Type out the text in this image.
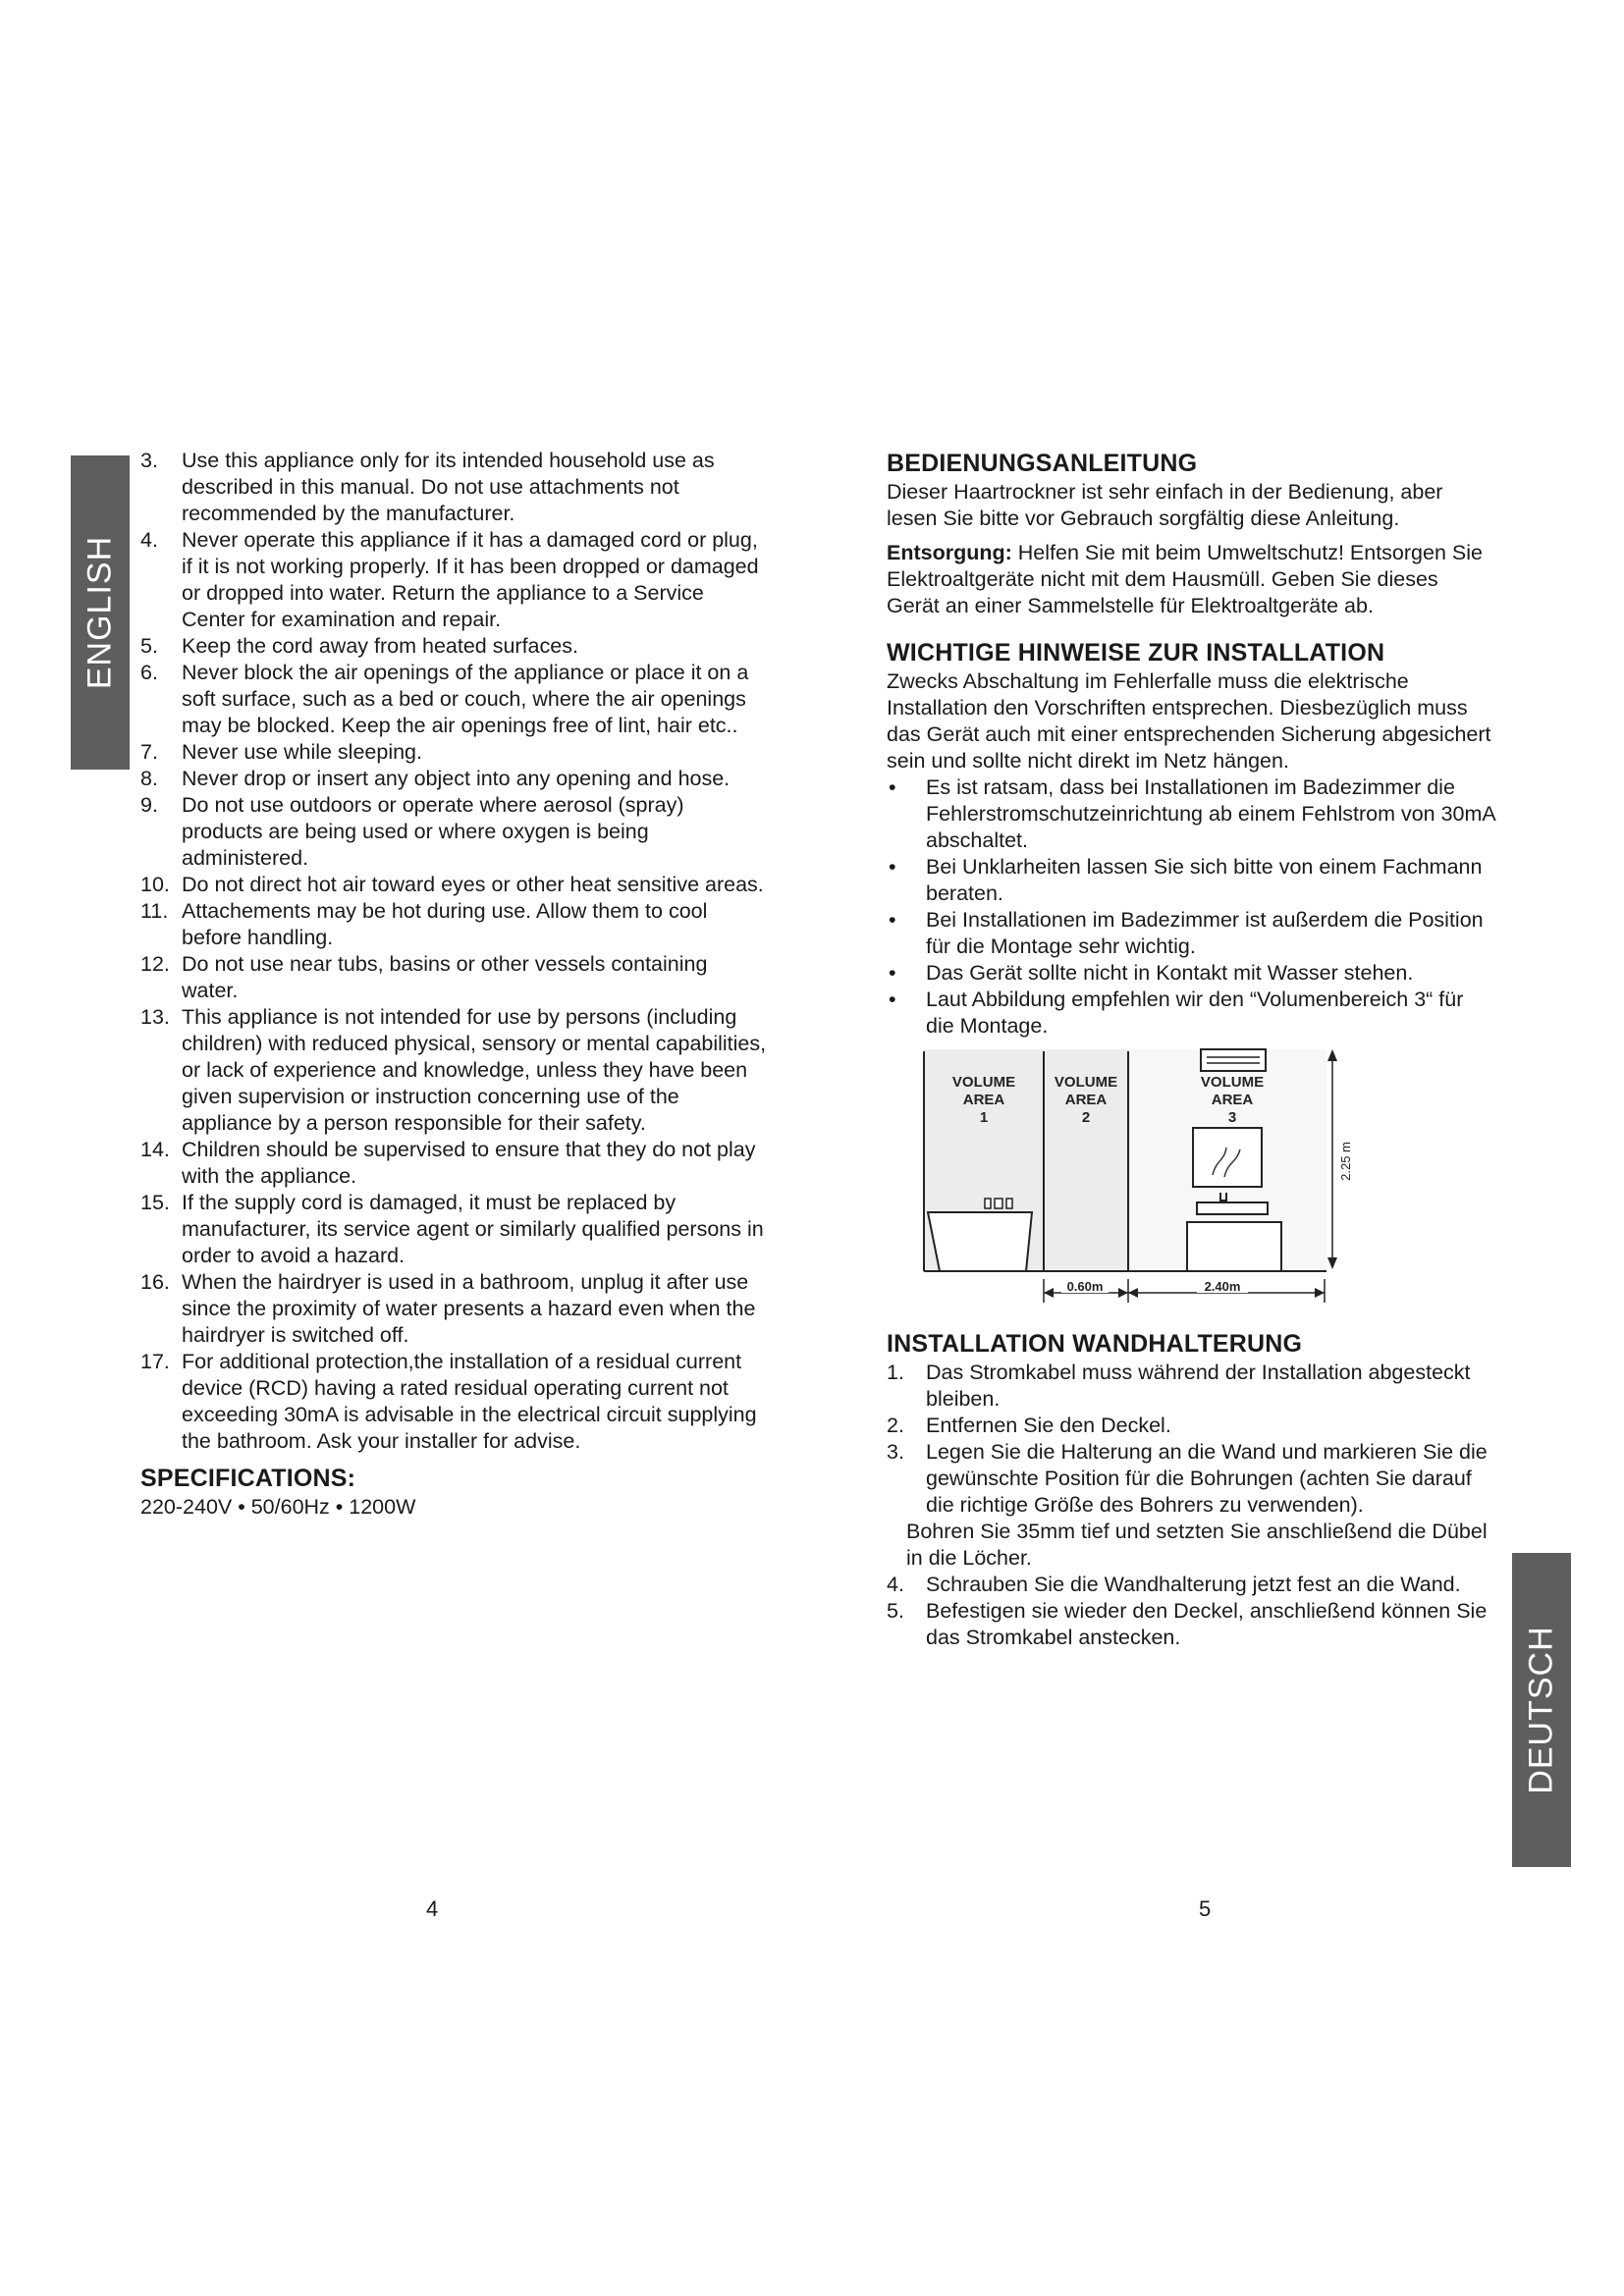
ENGLISH
3. Use this appliance only for its intended household use as described in this manual. Do not use attachments not recommended by the manufacturer.
4. Never operate this appliance if it has a damaged cord or plug, if it is not working properly. If it has been dropped or damaged or dropped into water. Return the appliance to a Service Center for examination and repair.
5. Keep the cord away from heated surfaces.
6. Never block the air openings of the appliance or place it on a soft surface, such as a bed or couch, where the air openings may be blocked. Keep the air openings free of lint, hair etc..
7. Never use while sleeping.
8. Never drop or insert any object into any opening and hose.
9. Do not use outdoors or operate where aerosol (spray) products are being used or where oxygen is being administered.
10. Do not direct hot air toward eyes or other heat sensitive areas.
11. Attachements may be hot during use. Allow them to cool before handling.
12. Do not use near tubs, basins or other vessels containing water.
13. This appliance is not intended for use by persons (including children) with reduced physical, sensory or mental capabilities, or lack of experience and knowledge, unless they have been given supervision or instruction concerning use of the appliance by a person responsible for their safety.
14. Children should be supervised to ensure that they do not play with the appliance.
15. If the supply cord is damaged, it must be replaced by manufacturer, its service agent or similarly qualified persons in order to avoid a hazard.
16. When the hairdryer is used in a bathroom, unplug it after use since the proximity of water presents a hazard even when the hairdryer is switched off.
17. For additional protection,the installation of a residual current device (RCD) having a rated residual operating current not exceeding 30mA is advisable in the electrical circuit supplying the bathroom. Ask your installer for advise.
SPECIFICATIONS:

220-240V • 50/60Hz • 1200W

BEDIENUNGSANLEITUNG

Dieser Haartrockner ist sehr einfach in der Bedienung, aber lesen Sie bitte vor Gebrauch sorgfältig diese Anleitung.

Entsorgung: Helfen Sie mit beim Umweltschutz! Entsorgen Sie Elektroaltgeräte nicht mit dem Hausmüll. Geben Sie dieses Gerät an einer Sammelstelle für Elektroaltgeräte ab.

WICHTIGE HINWEISE ZUR INSTALLATION

Zwecks Abschaltung im Fehlerfalle muss die elektrische Installation den Vorschriften entsprechen. Diesbezüglich muss das Gerät auch mit einer entsprechenden Sicherung abgesichert sein und sollte nicht direkt im Netz hängen.

• Es ist ratsam, dass bei Installationen im Badezimmer die Fehlerstromschutzeinrichtung ab einem Fehlstrom von 30mA abschaltet.
• Bei Unklarheiten lassen Sie sich bitte von einem Fachmann beraten.
• Bei Installationen im Badezimmer ist außerdem die Position für die Montage sehr wichtig.
• Das Gerät sollte nicht in Kontakt mit Wasser stehen.
• Laut Abbildung empfehlen wir den “Volumenbereich 3“ für die Montage.
VOLUME
AREA
1
VOLUME
AREA
2
VOLUME
AREA
3
2.25 m
0.60m	2.40m
INSTALLATION WANDHALTERUNG
1. Das Stromkabel muss während der Installation abgesteckt bleiben.
2. Entfernen Sie den Deckel.
3. Legen Sie die Halterung an die Wand und markieren Sie die gewünschte Position für die Bohrungen (achten Sie darauf die richtige Größe des Bohrers zu verwenden).

Bohren Sie 35mm tief und setzten Sie anschließend die Dübel in die Löcher.

4. Schrauben Sie die Wandhalterung jetzt fest an die Wand.
5. Befestigen sie wieder den Deckel, anschließend können Sie das Stromkabel anstecken.	DEUTSCH
4	5
